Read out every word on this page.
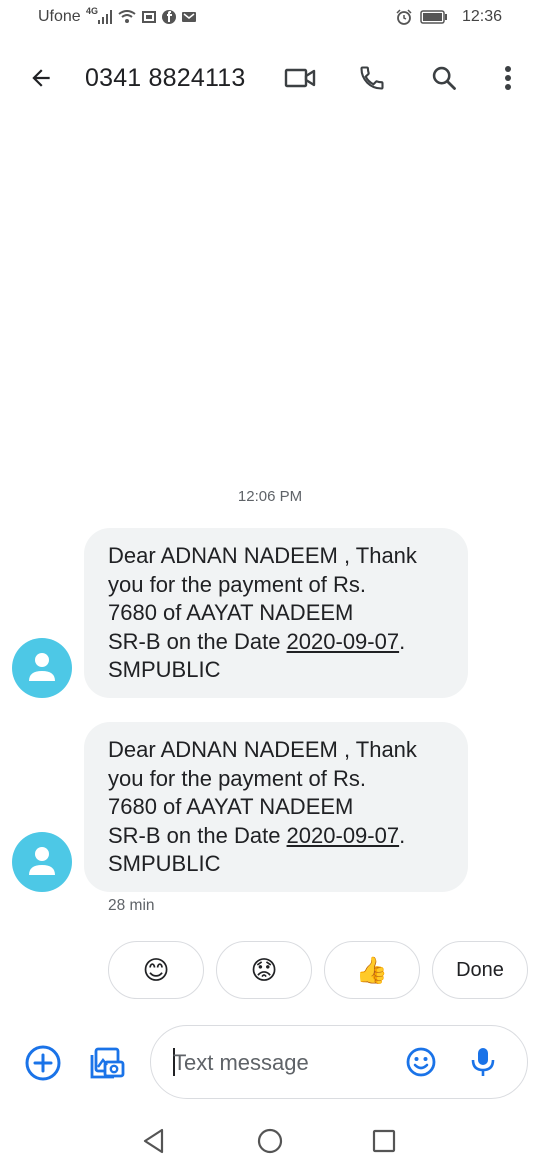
Ufone 4G	12:36
0341 8824113
12:06 PM
Dear ADNAN NADEEM , Thank
you for the payment of Rs.
7680 of AAYAT NADEEM
SR-B on the Date 2020-09-07.
SMPUBLIC
Dear ADNAN NADEEM , Thank
you for the payment of Rs.
7680 of AAYAT NADEEM
SR-B on the Date 2020-09-07.
SMPUBLIC
28 min
😊	😟	👍	Done
Text message
